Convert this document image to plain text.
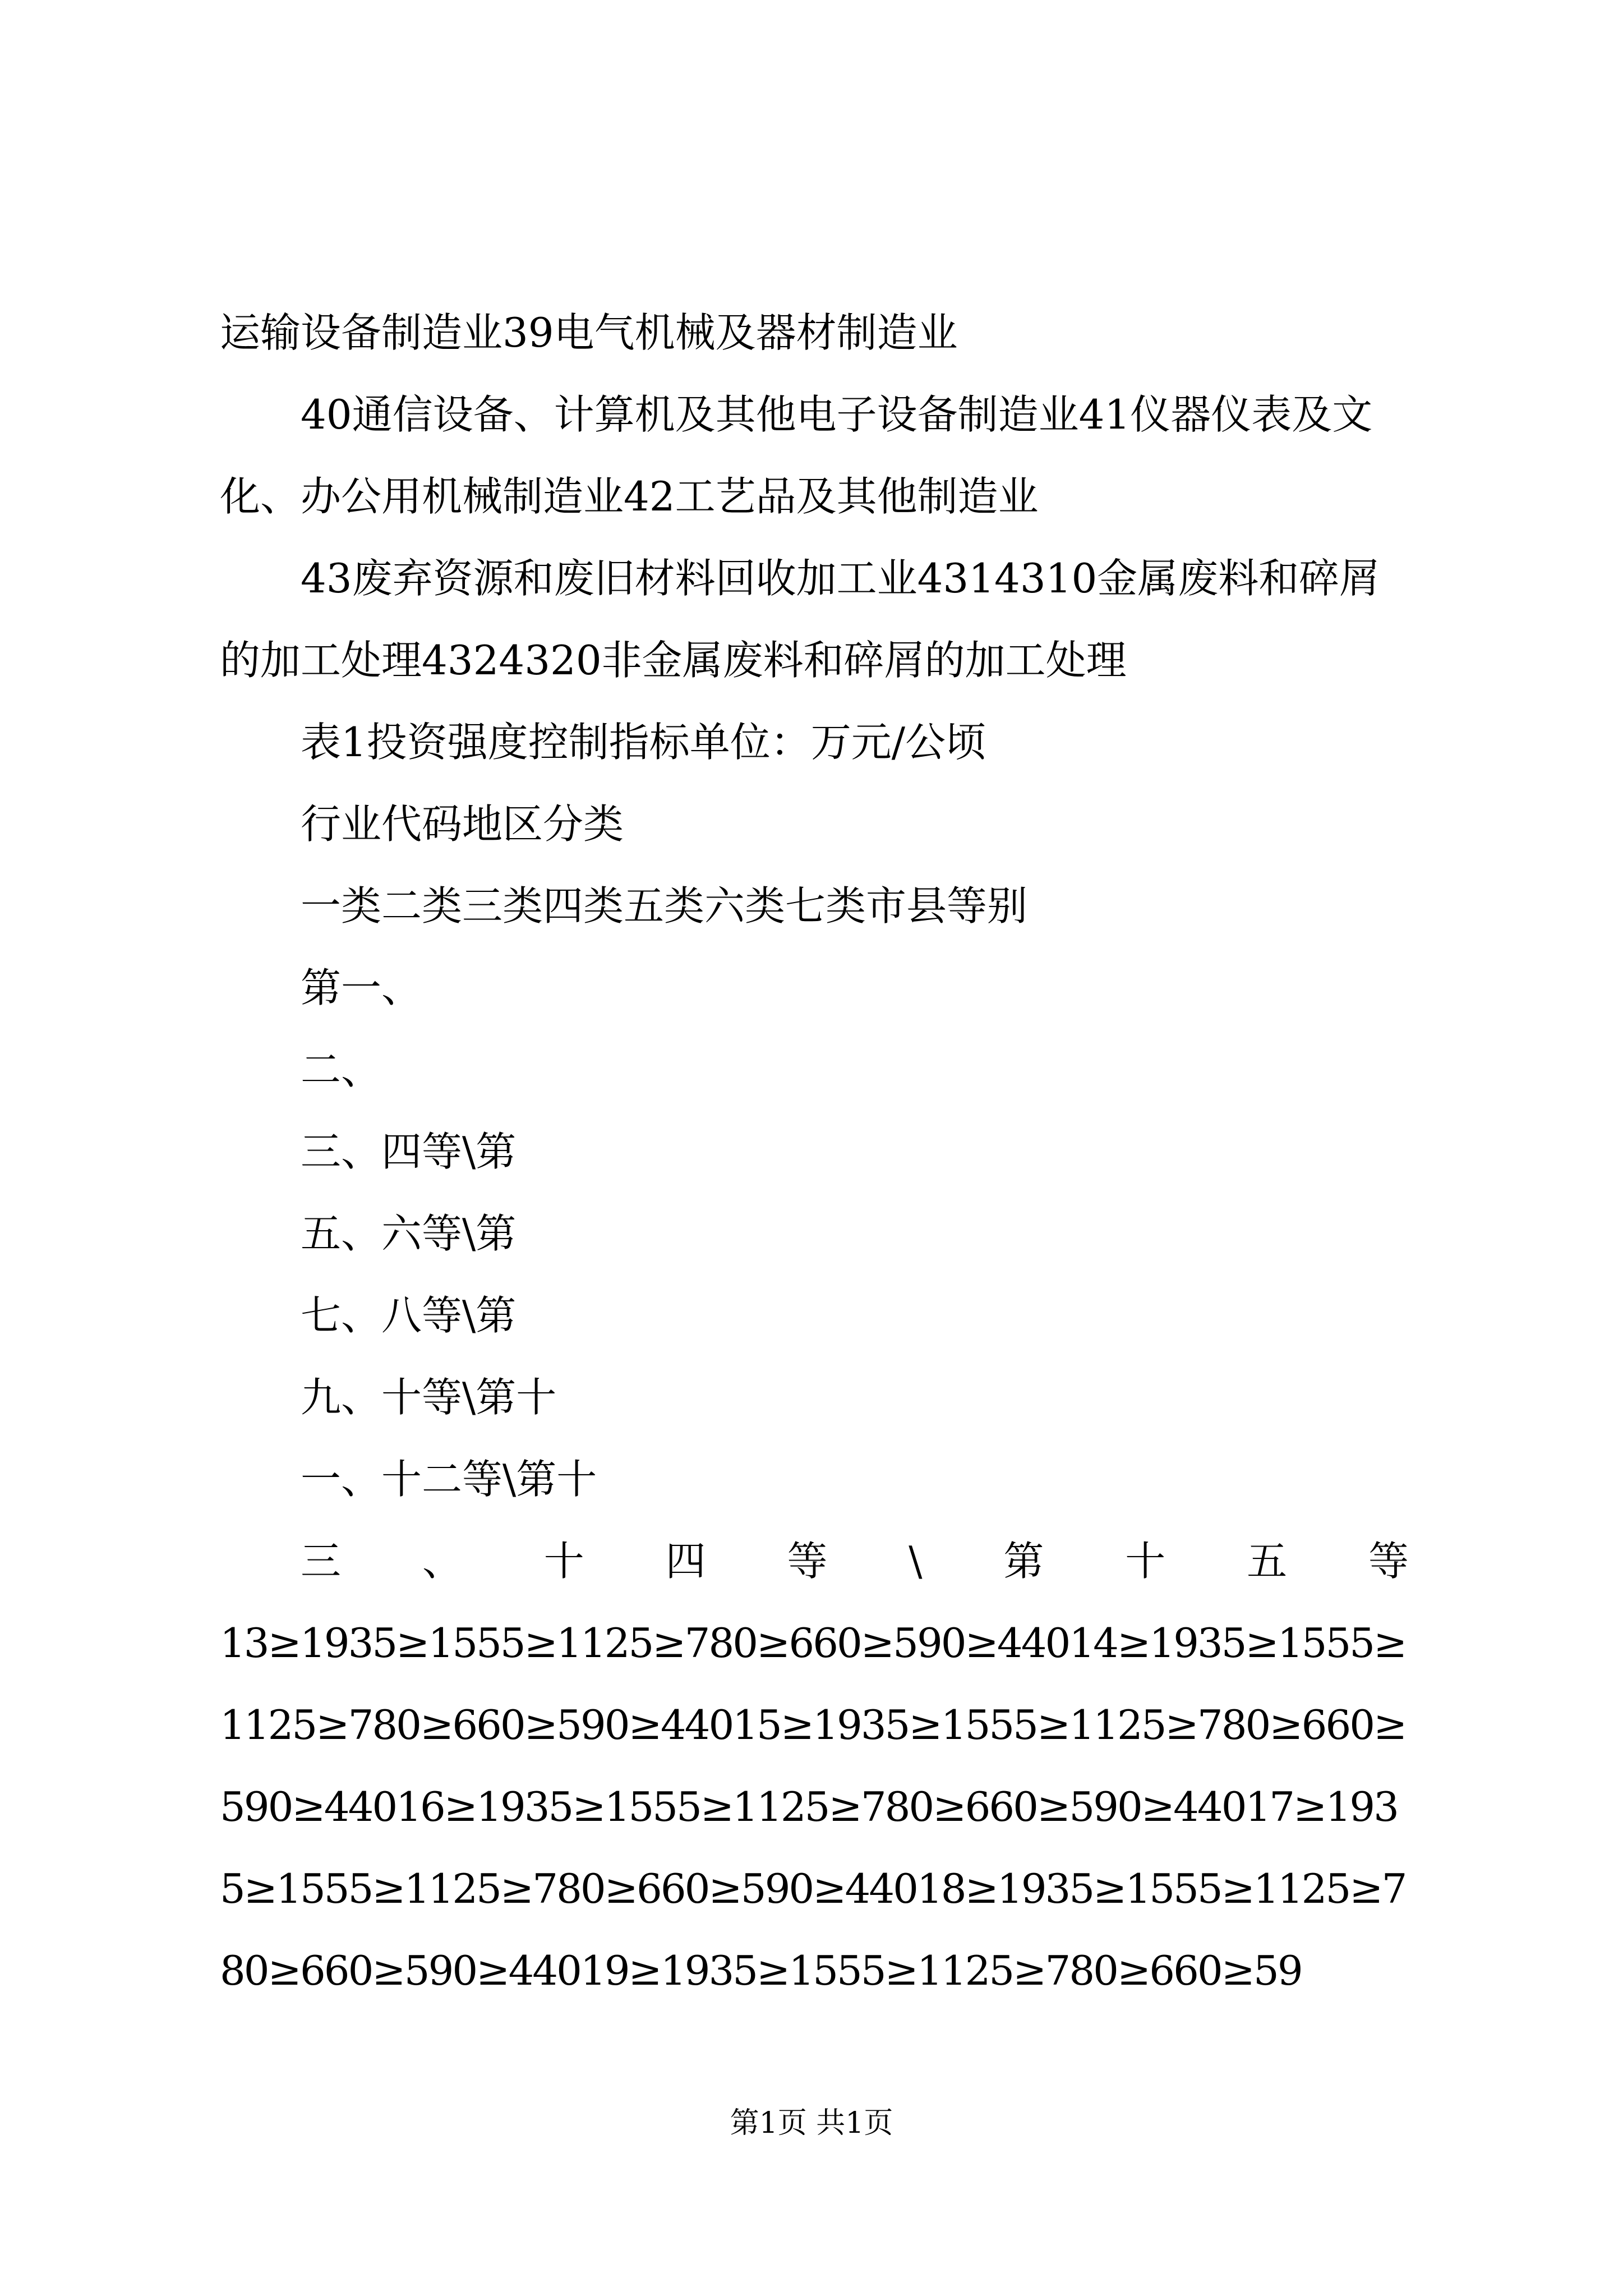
运输设备制造业39电气机械及器材制造业

40通信设备、计算机及其他电子设备制造业41仪器仪表及文化、办公用机械制造业42工艺品及其他制造业

43废弃资源和废旧材料回收加工业4314310金属废料和碎屑的加工处理4324320非金属废料和碎屑的加工处理

表1投资强度控制指标单位：万元/公顷

行业代码地区分类

一类二类三类四类五类六类七类市县等别

第一、

二、

三、四等\第

五、六等\第

七、八等\第

九、十等\第十

一、十二等\第十

三、十四等\第十五等

13≥1935≥1555≥1125≥780≥660≥590≥44014≥1935≥1555≥1125≥780≥660≥590≥44015≥1935≥1555≥1125≥780≥660≥590≥44016≥1935≥1555≥1125≥780≥660≥590≥44017≥1935≥1555≥1125≥780≥660≥590≥44018≥1935≥1555≥1125≥780≥660≥590≥44019≥1935≥1555≥1125≥780≥660≥59

第1页 共1页
